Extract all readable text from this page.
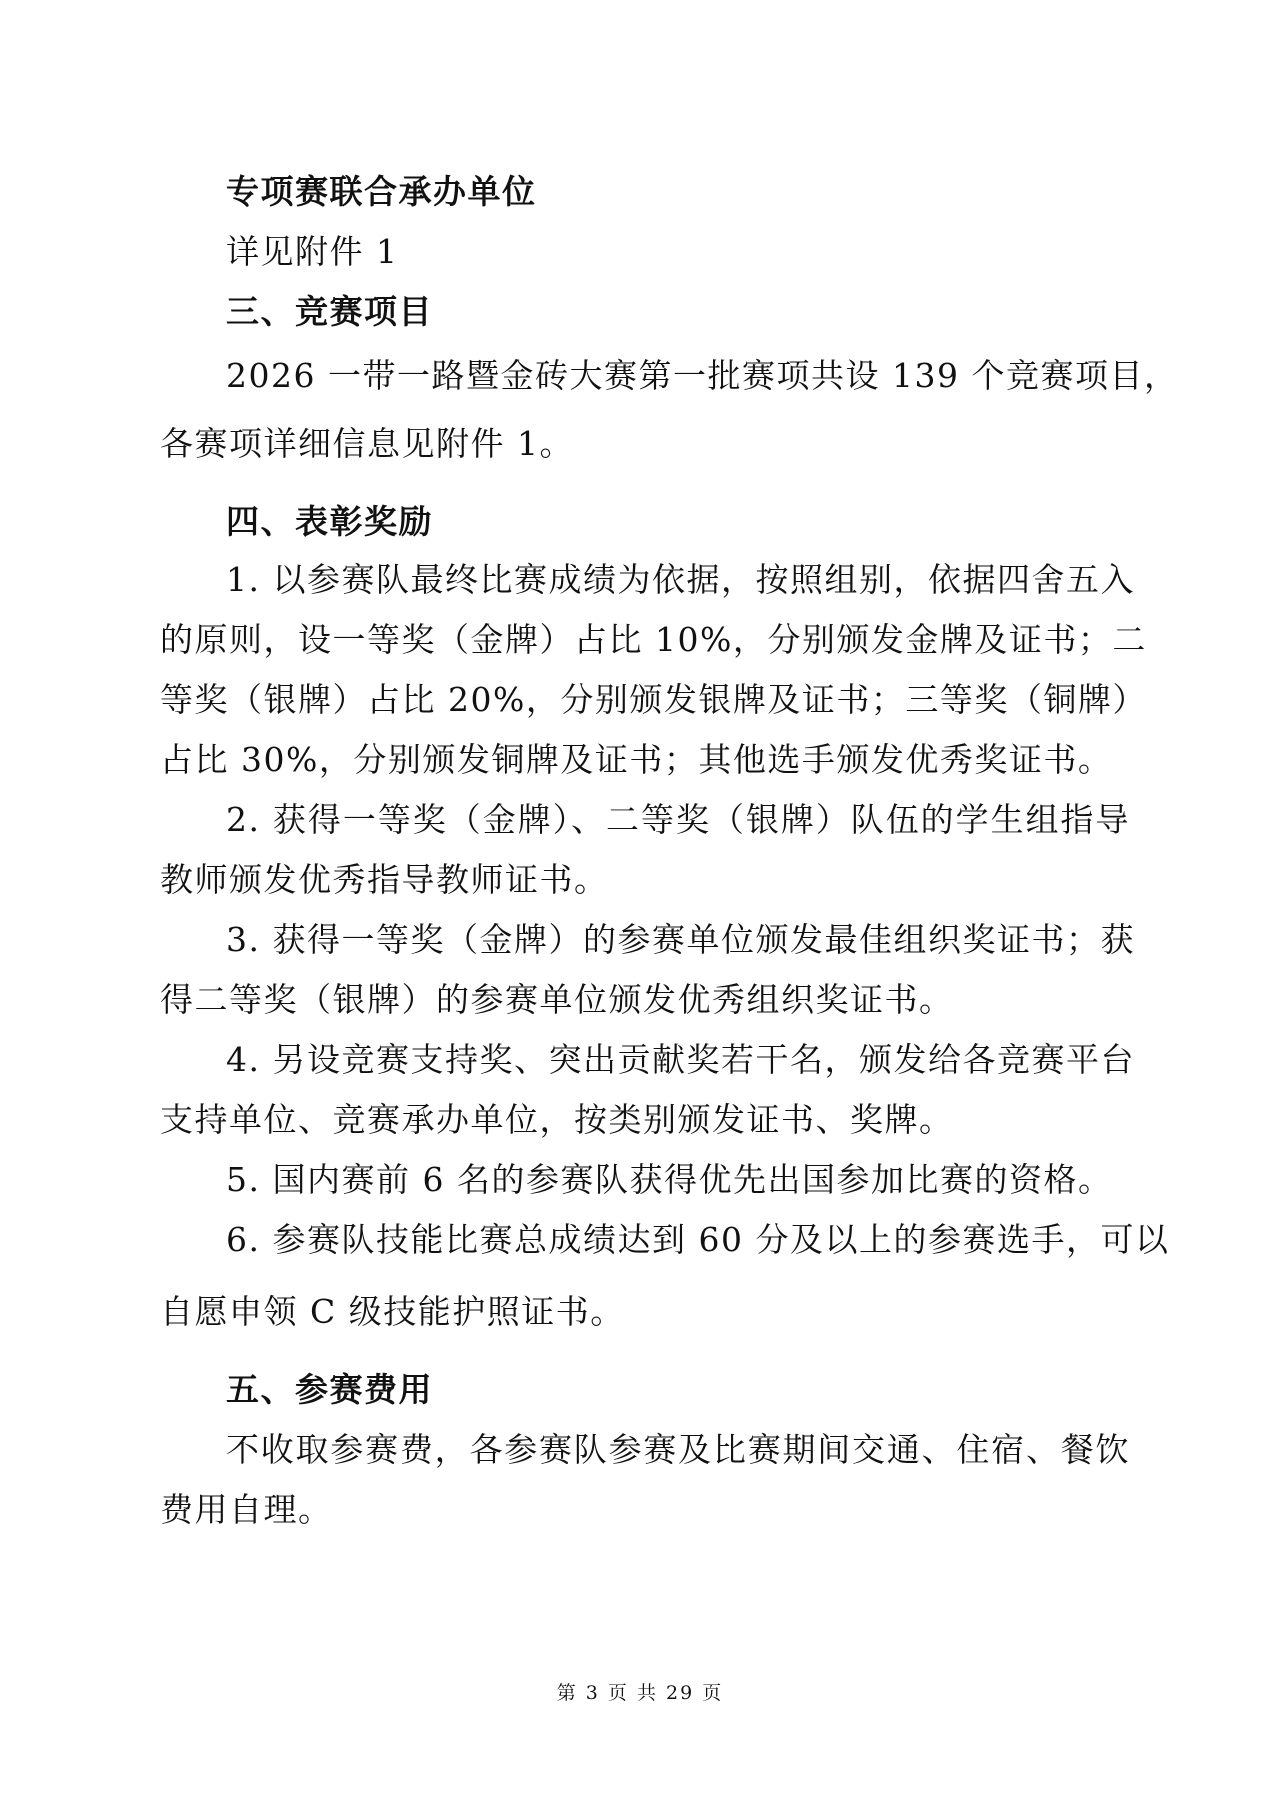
专项赛联合承办单位
详见附件 1
三、竞赛项目
2026 一带一路暨金砖大赛第一批赛项共设 139 个竞赛项目，
各赛项详细信息见附件 1。
四、表彰奖励
1. 以参赛队最终比赛成绩为依据，按照组别，依据四舍五入
的原则，设一等奖（金牌）占比 10%，分别颁发金牌及证书；二
等奖（银牌）占比 20%，分别颁发银牌及证书；三等奖（铜牌）
占比 30%，分别颁发铜牌及证书；其他选手颁发优秀奖证书。
2. 获得一等奖（金牌）、二等奖（银牌）队伍的学生组指导
教师颁发优秀指导教师证书。
3. 获得一等奖（金牌）的参赛单位颁发最佳组织奖证书；获
得二等奖（银牌）的参赛单位颁发优秀组织奖证书。
4. 另设竞赛支持奖、突出贡献奖若干名，颁发给各竞赛平台
支持单位、竞赛承办单位，按类别颁发证书、奖牌。
5. 国内赛前 6 名的参赛队获得优先出国参加比赛的资格。
6. 参赛队技能比赛总成绩达到 60 分及以上的参赛选手，可以
自愿申领 C 级技能护照证书。
五、参赛费用
不收取参赛费，各参赛队参赛及比赛期间交通、住宿、餐饮
费用自理。
第 3 页 共 29 页
